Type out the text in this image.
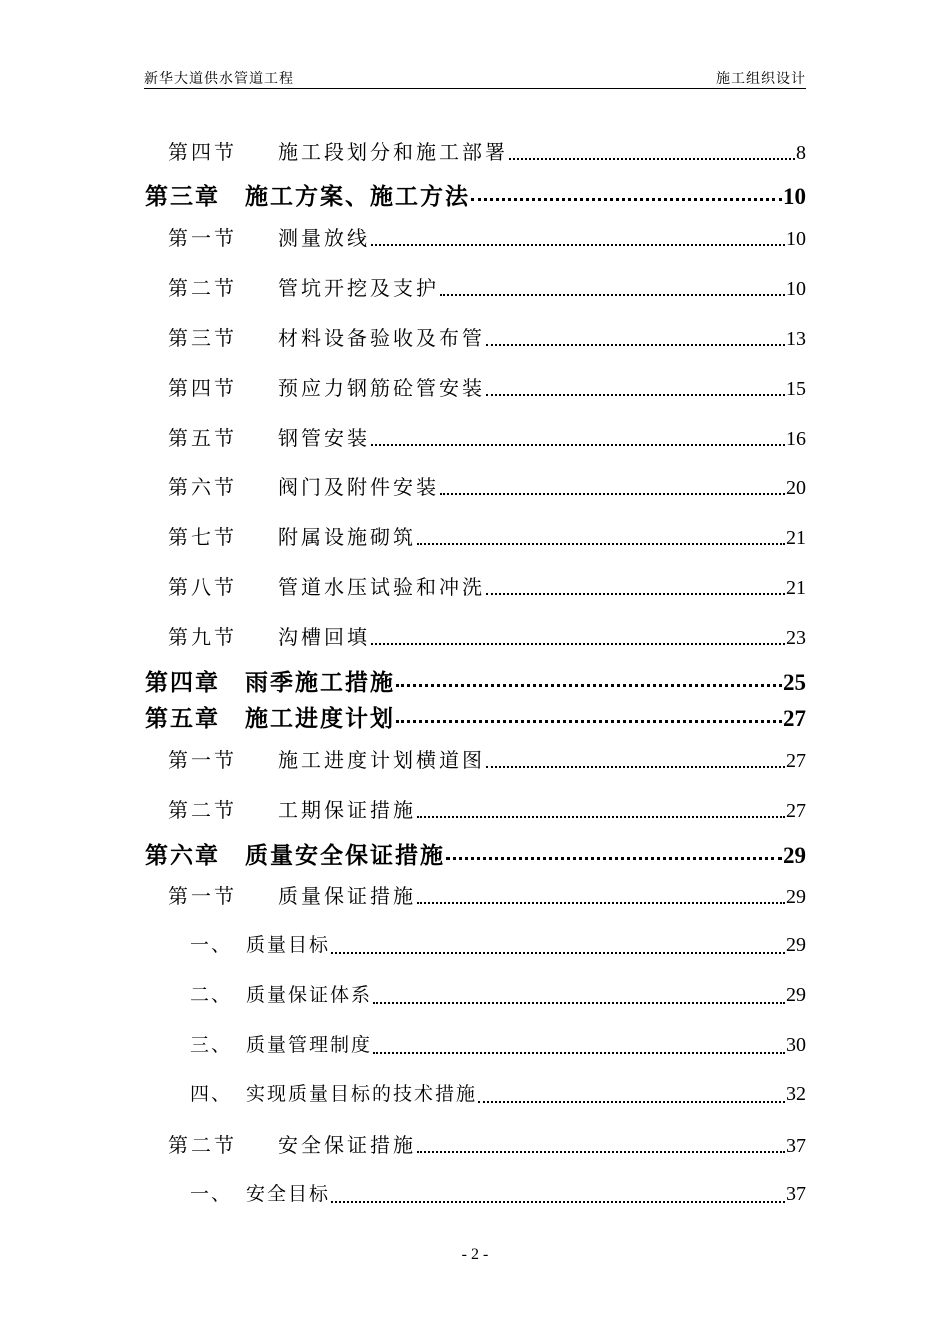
新华大道供水管道工程	施工组织设计
第四节	施工段划分和施工部署	8
第三章	施工方案、施工方法	10
第一节	测量放线	10
第二节	管坑开挖及支护	10
第三节	材料设备验收及布管	13
第四节	预应力钢筋砼管安装	15
第五节	钢管安装	16
第六节	阀门及附件安装	20
第七节	附属设施砌筑	21
第八节	管道水压试验和冲洗	21
第九节	沟槽回填	23
第四章	雨季施工措施	25
第五章	施工进度计划	27
第一节	施工进度计划横道图	27
第二节	工期保证措施	27
第六章	质量安全保证措施	29
第一节	质量保证措施	29
一、 质量目标	29
二、 质量保证体系	29
三、 质量管理制度	30
四、 实现质量目标的技术措施	32
第二节	安全保证措施	37
一、 安全目标	37
- 2 -
